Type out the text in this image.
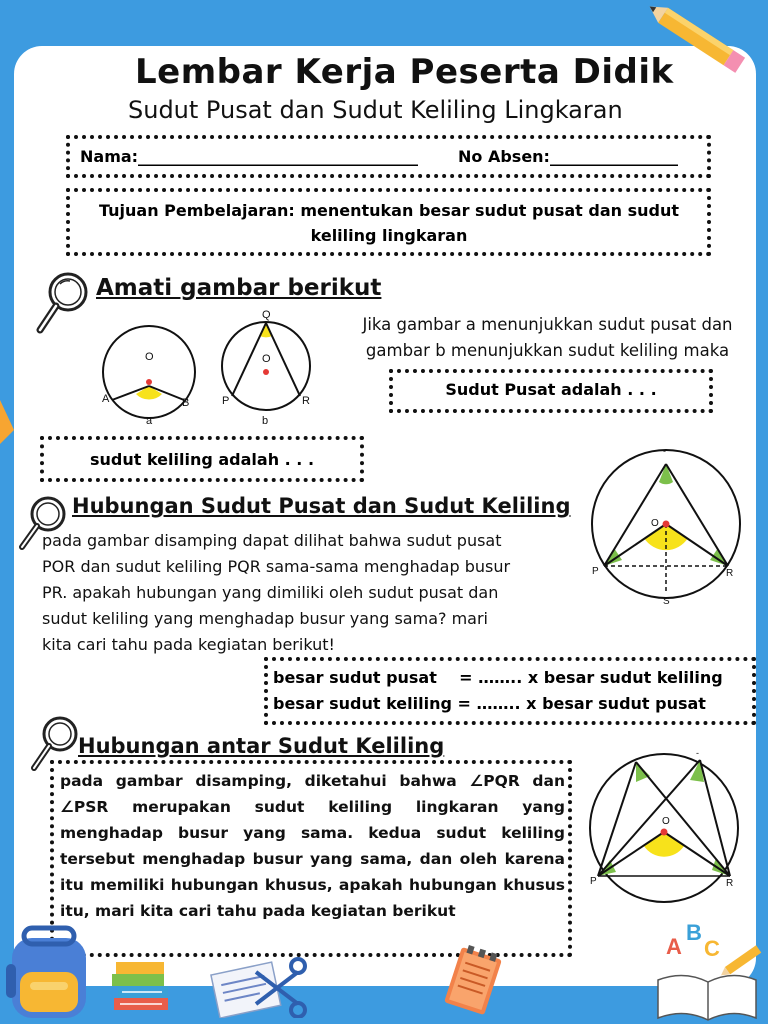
Lembar Kerja Peserta Didik
Sudut Pusat dan Sudut Keliling Lingkaran
Nama:___________________________________ No Absen:________________
Tujuan Pembelajaran: menentukan besar sudut pusat dan sudut keliling lingkaran
Amati gambar berikut
O
A	B
a
Q
O
P	R
b
Jika gambar a menunjukkan sudut pusat dan gambar b menunjukkan sudut keliling maka
Sudut Pusat adalah . . .
sudut keliling adalah . . .
Hubungan Sudut Pusat dan Sudut Keliling
pada gambar disamping dapat dilihat bahwa sudut pusat POR dan sudut keliling PQR sama-sama menghadap busur PR. apakah hubungan yang dimiliki oleh sudut pusat dan sudut keliling yang menghadap busur yang sama? mari kita cari tahu pada kegiatan berikut!
-
O
P	R
S
besar sudut pusat    = …….. x besar sudut keliling
besar sudut keliling = …….. x besar sudut pusat
Hubungan antar Sudut Keliling
pada gambar disamping, diketahui bahwa ∠PQR dan ∠PSR merupakan sudut keliling lingkaran yang menghadap busur yang sama. kedua sudut keliling tersebut menghadap busur yang sama, dan oleh karena itu memiliki hubungan khusus, apakah hubungan khusus itu, mari kita cari tahu pada kegiatan berikut
-
O
P	R
A
B
C
